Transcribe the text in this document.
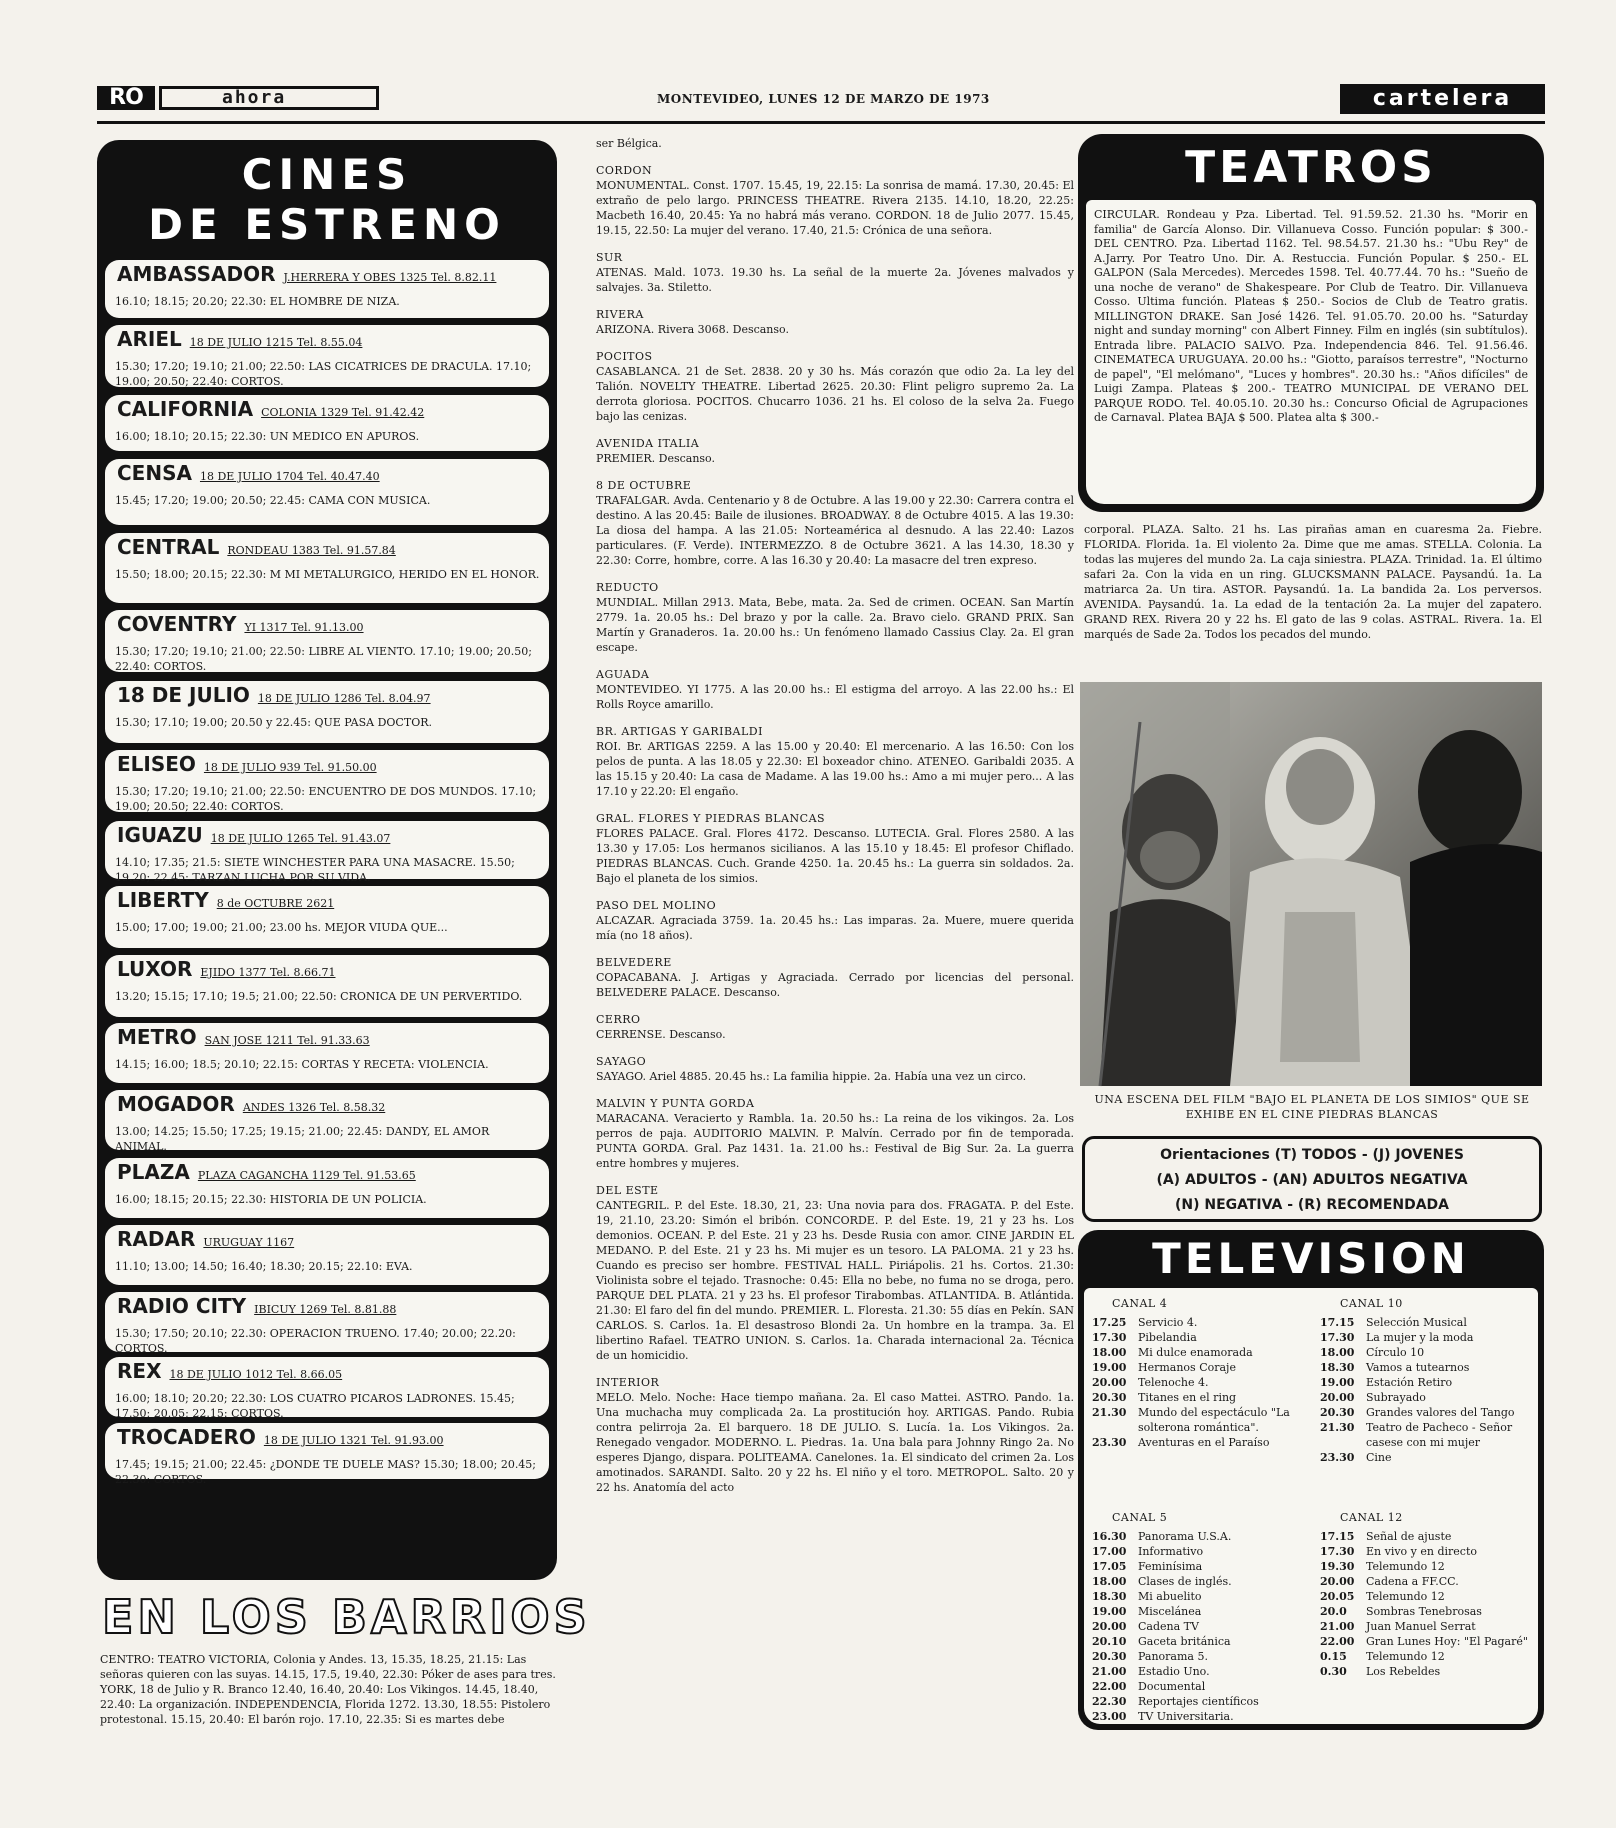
RO	ahora	MONTEVIDEO, LUNES 12 DE MARZO DE 1973	cartelera
CINES
DE ESTRENO
AMBASSADOR J.HERRERA Y OBES 1325 Tel. 8.82.11
16.10; 18.15; 20.20; 22.30: EL HOMBRE DE NIZA.
ARIEL 18 DE JULIO 1215 Tel. 8.55.04
15.30; 17.20; 19.10; 21.00; 22.50: LAS CICATRICES DE DRACULA. 17.10; 19.00; 20.50; 22.40: CORTOS.
CALIFORNIA COLONIA 1329 Tel. 91.42.42
16.00; 18.10; 20.15; 22.30: UN MEDICO EN APUROS.
CENSA 18 DE JULIO 1704 Tel. 40.47.40
15.45; 17.20; 19.00; 20.50; 22.45: CAMA CON MUSICA.
CENTRAL RONDEAU 1383 Tel. 91.57.84
15.50; 18.00; 20.15; 22.30: M MI METALURGICO, HERIDO EN EL HONOR.
COVENTRY YI 1317 Tel. 91.13.00
15.30; 17.20; 19.10; 21.00; 22.50: LIBRE AL VIENTO. 17.10; 19.00; 20.50; 22.40: CORTOS.
18 DE JULIO 18 DE JULIO 1286 Tel. 8.04.97
15.30; 17.10; 19.00; 20.50 y 22.45: QUE PASA DOCTOR.
ELISEO 18 DE JULIO 939 Tel. 91.50.00
15.30; 17.20; 19.10; 21.00; 22.50: ENCUENTRO DE DOS MUNDOS. 17.10; 19.00; 20.50; 22.40: CORTOS.
IGUAZU 18 DE JULIO 1265 Tel. 91.43.07
14.10; 17.35; 21.5: SIETE WINCHESTER PARA UNA MASACRE. 15.50; 19.20; 22.45: TARZAN LUCHA POR SU VIDA.
LIBERTY 8 de OCTUBRE 2621
15.00; 17.00; 19.00; 21.00; 23.00 hs. MEJOR VIUDA QUE...
LUXOR EJIDO 1377 Tel. 8.66.71
13.20; 15.15; 17.10; 19.5; 21.00; 22.50: CRONICA DE UN PERVERTIDO.
METRO SAN JOSE 1211 Tel. 91.33.63
14.15; 16.00; 18.5; 20.10; 22.15: CORTAS Y RECETA: VIOLENCIA.
MOGADOR ANDES 1326 Tel. 8.58.32
13.00; 14.25; 15.50; 17.25; 19.15; 21.00; 22.45: DANDY, EL AMOR ANIMAL.
PLAZA PLAZA CAGANCHA 1129 Tel. 91.53.65
16.00; 18.15; 20.15; 22.30: HISTORIA DE UN POLICIA.
RADAR URUGUAY 1167
11.10; 13.00; 14.50; 16.40; 18.30; 20.15; 22.10: EVA.
RADIO CITY IBICUY 1269 Tel. 8.81.88
15.30; 17.50; 20.10; 22.30: OPERACION TRUENO. 17.40; 20.00; 22.20: CORTOS.
REX 18 DE JULIO 1012 Tel. 8.66.05
16.00; 18.10; 20.20; 22.30: LOS CUATRO PICAROS LADRONES. 15.45; 17.50; 20.05; 22.15: CORTOS.
TROCADERO 18 DE JULIO 1321 Tel. 91.93.00
17.45; 19.15; 21.00; 22.45: ¿DONDE TE DUELE MAS? 15.30; 18.00; 20.45; 22.30: CORTOS.
EN LOS BARRIOS
CENTRO: TEATRO VICTORIA, Colonia y Andes. 13, 15.35, 18.25, 21.15: Las señoras quieren con las suyas. 14.15, 17.5, 19.40, 22.30: Póker de ases para tres. YORK, 18 de Julio y R. Branco 12.40, 16.40, 20.40: Los Vikingos. 14.45, 18.40, 22.40: La organización. INDEPENDENCIA, Florida 1272. 13.30, 18.55: Pistolero protestonal. 15.15, 20.40: El barón rojo. 17.10, 22.35: Si es martes debe
ser Bélgica.
CORDON
MONUMENTAL. Const. 1707. 15.45, 19, 22.15: La sonrisa de mamá. 17.30, 20.45: El extraño de pelo largo. PRINCESS THEATRE. Rivera 2135. 14.10, 18.20, 22.25: Macbeth 16.40, 20.45: Ya no habrá más verano. CORDON. 18 de Julio 2077. 15.45, 19.15, 22.50: La mujer del verano. 17.40, 21.5: Crónica de una señora.
SUR
ATENAS. Mald. 1073. 19.30 hs. La señal de la muerte 2a. Jóvenes malvados y salvajes. 3a. Stiletto.
RIVERA
ARIZONA. Rivera 3068. Descanso.
POCITOS
CASABLANCA. 21 de Set. 2838. 20 y 30 hs. Más corazón que odio 2a. La ley del Talión. NOVELTY THEATRE. Libertad 2625. 20.30: Flint peligro supremo 2a. La derrota gloriosa. POCITOS. Chucarro 1036. 21 hs. El coloso de la selva 2a. Fuego bajo las cenizas.
AVENIDA ITALIA
PREMIER. Descanso.
8 DE OCTUBRE
TRAFALGAR. Avda. Centenario y 8 de Octubre. A las 19.00 y 22.30: Carrera contra el destino. A las 20.45: Baile de ilusiones. BROADWAY. 8 de Octubre 4015. A las 19.30: La diosa del hampa. A las 21.05: Norteamérica al desnudo. A las 22.40: Lazos particulares. (F. Verde). INTERMEZZO. 8 de Octubre 3621. A las 14.30, 18.30 y 22.30: Corre, hombre, corre. A las 16.30 y 20.40: La masacre del tren expreso.
REDUCTO
MUNDIAL. Millan 2913. Mata, Bebe, mata. 2a. Sed de crimen. OCEAN. San Martín 2779. 1a. 20.05 hs.: Del brazo y por la calle. 2a. Bravo cielo. GRAND PRIX. San Martín y Granaderos. 1a. 20.00 hs.: Un fenómeno llamado Cassius Clay. 2a. El gran escape.
AGUADA
MONTEVIDEO. YI 1775. A las 20.00 hs.: El estigma del arroyo. A las 22.00 hs.: El Rolls Royce amarillo.
BR. ARTIGAS Y GARIBALDI
ROI. Br. ARTIGAS 2259. A las 15.00 y 20.40: El mercenario. A las 16.50: Con los pelos de punta. A las 18.05 y 22.30: El boxeador chino. ATENEO. Garibaldi 2035. A las 15.15 y 20.40: La casa de Madame. A las 19.00 hs.: Amo a mi mujer pero... A las 17.10 y 22.20: El engaño.
GRAL. FLORES Y PIEDRAS BLANCAS
FLORES PALACE. Gral. Flores 4172. Descanso. LUTECIA. Gral. Flores 2580. A las 13.30 y 17.05: Los hermanos sicilianos. A las 15.10 y 18.45: El profesor Chiflado. PIEDRAS BLANCAS. Cuch. Grande 4250. 1a. 20.45 hs.: La guerra sin soldados. 2a. Bajo el planeta de los simios.
PASO DEL MOLINO
ALCAZAR. Agraciada 3759. 1a. 20.45 hs.: Las imparas. 2a. Muere, muere querida mía (no 18 años).
BELVEDERE
COPACABANA. J. Artigas y Agraciada. Cerrado por licencias del personal. BELVEDERE PALACE. Descanso.
CERRO
CERRENSE. Descanso.
SAYAGO
SAYAGO. Ariel 4885. 20.45 hs.: La familia hippie. 2a. Había una vez un circo.
MALVIN Y PUNTA GORDA
MARACANA. Veracierto y Rambla. 1a. 20.50 hs.: La reina de los vikingos. 2a. Los perros de paja. AUDITORIO MALVIN. P. Malvín. Cerrado por fin de temporada. PUNTA GORDA. Gral. Paz 1431. 1a. 21.00 hs.: Festival de Big Sur. 2a. La guerra entre hombres y mujeres.
DEL ESTE
CANTEGRIL. P. del Este. 18.30, 21, 23: Una novia para dos. FRAGATA. P. del Este. 19, 21.10, 23.20: Simón el bribón. CONCORDE. P. del Este. 19, 21 y 23 hs. Los demonios. OCEAN. P. del Este. 21 y 23 hs. Desde Rusia con amor. CINE JARDIN EL MEDANO. P. del Este. 21 y 23 hs. Mi mujer es un tesoro. LA PALOMA. 21 y 23 hs. Cuando es preciso ser hombre. FESTIVAL HALL. Piriápolis. 21 hs. Cortos. 21.30: Violinista sobre el tejado. Trasnoche: 0.45: Ella no bebe, no fuma no se droga, pero. PARQUE DEL PLATA. 21 y 23 hs. El profesor Tirabombas. ATLANTIDA. B. Atlántida. 21.30: El faro del fin del mundo. PREMIER. L. Floresta. 21.30: 55 días en Pekín. SAN CARLOS. S. Carlos. 1a. El desastroso Blondi 2a. Un hombre en la trampa. 3a. El libertino Rafael. TEATRO UNION. S. Carlos. 1a. Charada internacional 2a. Técnica de un homicidio.
INTERIOR
MELO. Melo. Noche: Hace tiempo mañana. 2a. El caso Mattei. ASTRO. Pando. 1a. Una muchacha muy complicada 2a. La prostitución hoy. ARTIGAS. Pando. Rubia contra pelirroja 2a. El barquero. 18 DE JULIO. S. Lucía. 1a. Los Vikingos. 2a. Renegado vengador. MODERNO. L. Piedras. 1a. Una bala para Johnny Ringo 2a. No esperes Django, dispara. POLITEAMA. Canelones. 1a. El sindicato del crimen 2a. Los amotinados. SARANDI. Salto. 20 y 22 hs. El niño y el toro. METROPOL. Salto. 20 y 22 hs. Anatomía del acto
TEATROS
CIRCULAR. Rondeau y Pza. Libertad. Tel. 91.59.52. 21.30 hs. "Morir en familia" de García Alonso. Dir. Villanueva Cosso. Función popular: $ 300.- DEL CENTRO. Pza. Libertad 1162. Tel. 98.54.57. 21.30 hs.: "Ubu Rey" de A.Jarry. Por Teatro Uno. Dir. A. Restuccia. Función Popular. $ 250.- EL GALPON (Sala Mercedes). Mercedes 1598. Tel. 40.77.44. 70 hs.: "Sueño de una noche de verano" de Shakespeare. Por Club de Teatro. Dir. Villanueva Cosso. Ultima función. Plateas $ 250.- Socios de Club de Teatro gratis. MILLINGTON DRAKE. San José 1426. Tel. 91.05.70. 20.00 hs. "Saturday night and sunday morning" con Albert Finney. Film en inglés (sin subtítulos). Entrada libre. PALACIO SALVO. Pza. Independencia 846. Tel. 91.56.46. CINEMATECA URUGUAYA. 20.00 hs.: "Giotto, paraísos terrestre", "Nocturno de papel", "El melómano", "Luces y hombres". 20.30 hs.: "Años difíciles" de Luigi Zampa. Plateas $ 200.- TEATRO MUNICIPAL DE VERANO DEL PARQUE RODO. Tel. 40.05.10. 20.30 hs.: Concurso Oficial de Agrupaciones de Carnaval. Platea BAJA $ 500. Platea alta $ 300.-
corporal. PLAZA. Salto. 21 hs. Las pirañas aman en cuaresma 2a. Fiebre. FLORIDA. Florida. 1a. El violento 2a. Dime que me amas. STELLA. Colonia. La todas las mujeres del mundo 2a. La caja siniestra. PLAZA. Trinidad. 1a. El último safari 2a. Con la vida en un ring. GLUCKSMANN PALACE. Paysandú. 1a. La matriarca 2a. Un tira. ASTOR. Paysandú. 1a. La bandida 2a. Los perversos. AVENIDA. Paysandú. 1a. La edad de la tentación 2a. La mujer del zapatero. GRAND REX. Rivera 20 y 22 hs. El gato de las 9 colas. ASTRAL. Rivera. 1a. El marqués de Sade 2a. Todos los pecados del mundo.
UNA ESCENA DEL FILM "BAJO EL PLANETA DE LOS SIMIOS" QUE SE EXHIBE EN EL CINE PIEDRAS BLANCAS
Orientaciones (T) TODOS - (J) JOVENES
(A) ADULTOS - (AN) ADULTOS NEGATIVA
(N) NEGATIVA - (R) RECOMENDADA
TELEVISION
CANAL 4
17.25	Servicio 4.
17.30	Pibelandia
18.00	Mi dulce enamorada
19.00	Hermanos Coraje
20.00	Telenoche 4.
20.30	Titanes en el ring
21.30	Mundo del espectáculo "La solterona romántica".
23.30	Aventuras en el Paraíso
CANAL 5
16.30	Panorama U.S.A.
17.00	Informativo
17.05	Feminísima
18.00	Clases de inglés.
18.30	Mi abuelito
19.00	Miscelánea
20.00	Cadena TV
20.10	Gaceta británica
20.30	Panorama 5.
21.00	Estadio Uno.
22.00	Documental
22.30	Reportajes científicos
23.00	TV Universitaria.
CANAL 10
17.15	Selección Musical
17.30	La mujer y la moda
18.00	Círculo 10
18.30	Vamos a tutearnos
19.00	Estación Retiro
20.00	Subrayado
20.30	Grandes valores del Tango
21.30	Teatro de Pacheco - Señor casese con mi mujer
23.30	Cine
CANAL 12
17.15	Señal de ajuste
17.30	En vivo y en directo
19.30	Telemundo 12
20.00	Cadena a FF.CC.
20.05	Telemundo 12
20.0	Sombras Tenebrosas
21.00	Juan Manuel Serrat
22.00	Gran Lunes Hoy: "El Pagaré"
0.15	Telemundo 12
0.30	Los Rebeldes
